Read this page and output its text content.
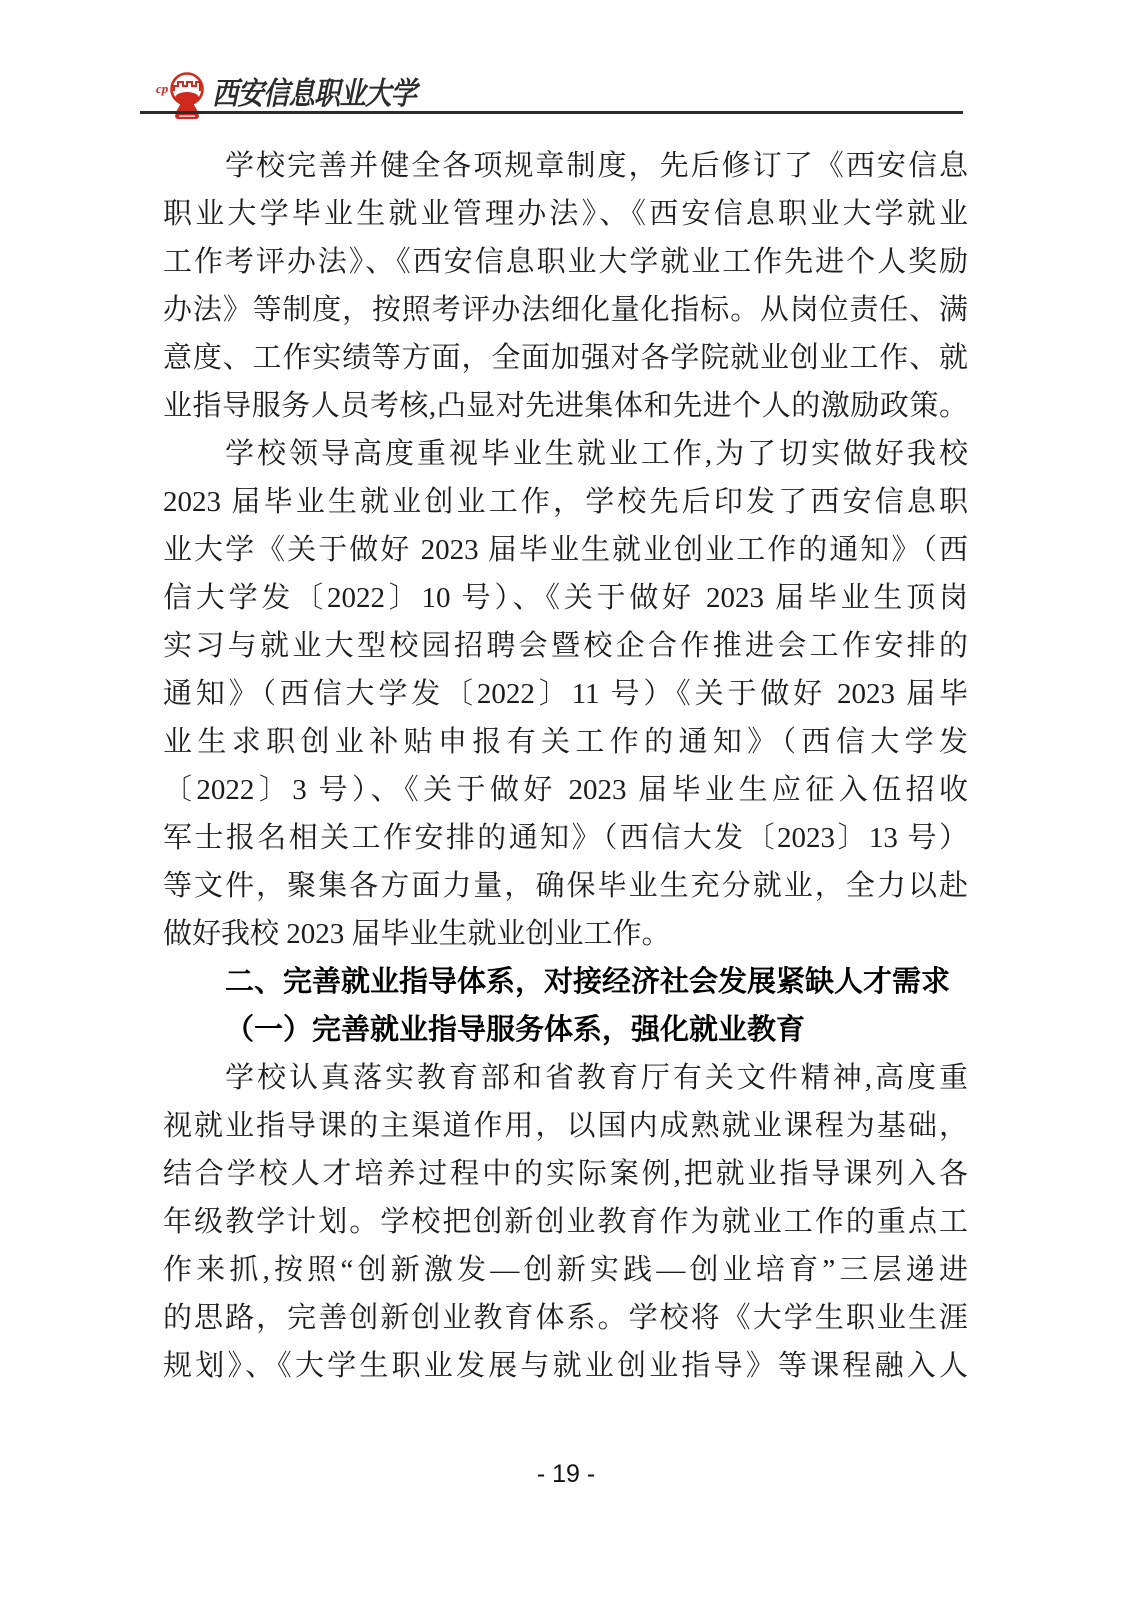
cp 西安信息职业大学

学校完善并健全各项规章制度，先后修订了《西安信息

职业大学毕业生就业管理办法》、《西安信息职业大学就业

工作考评办法》、《西安信息职业大学就业工作先进个人奖励

办法》等制度，按照考评办法细化量化指标。从岗位责任、满

意度、工作实绩等方面，全面加强对各学院就业创业工作、就

业指导服务人员考核,凸显对先进集体和先进个人的激励政策。

学校领导高度重视毕业生就业工作,为了切实做好我校

2023 届毕业生就业创业工作，学校先后印发了西安信息职

业大学《关于做好 2023 届毕业生就业创业工作的通知》（西

信大学发〔2022〕10 号）、《关于做好 2023 届毕业生顶岗

实习与就业大型校园招聘会暨校企合作推进会工作安排的

通知》（西信大学发〔2022〕11 号）《关于做好 2023 届毕

业生求职创业补贴申报有关工作的通知》（西信大学发

〔2022〕3 号）、《关于做好 2023 届毕业生应征入伍招收

军士报名相关工作安排的通知》（西信大发〔2023〕13 号）

等文件，聚集各方面力量，确保毕业生充分就业，全力以赴

做好我校 2023 届毕业生就业创业工作。

二、完善就业指导体系，对接经济社会发展紧缺人才需求

（一）完善就业指导服务体系，强化就业教育

学校认真落实教育部和省教育厅有关文件精神,高度重

视就业指导课的主渠道作用，以国内成熟就业课程为基础，

结合学校人才培养过程中的实际案例,把就业指导课列入各

年级教学计划。学校把创新创业教育作为就业工作的重点工

作来抓,按照“创新激发—创新实践—创业培育”三层递进

的思路，完善创新创业教育体系。学校将《大学生职业生涯

规划》、《大学生职业发展与就业创业指导》等课程融入人

- 19 -
